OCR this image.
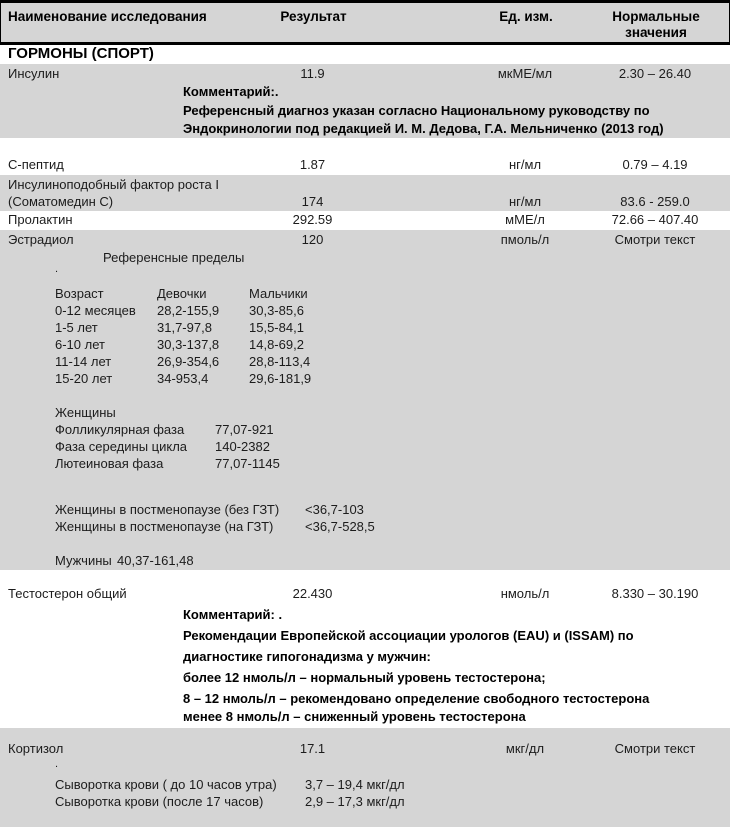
Наименование исследования	Результат	Ед. изм.	Нормальные
значения
ГОРМОНЫ (СПОРТ)
Инсулин	11.9	мкМЕ/мл	2.30 – 26.40
Комментарий:.
Референсный диагноз указан согласно Национальному руководству по
Эндокринологии под редакцией И. М. Дедова, Г.А. Мельниченко (2013 год)
С-пептид	1.87	нг/мл	0.79 – 4.19
Инсулиноподобный фактор роста I
(Соматомедин С)	174	нг/мл	83.6 - 259.0
Пролактин	292.59	мМЕ/л	72.66 – 407.40
Эстрадиол	120	пмоль/л	Смотри текст
Референсные пределы
.
Возраст	Девочки	Мальчики
0-12 месяцев 28,2-155,9 30,3-85,6
1-5 лет	31,7-97,8	15,5-84,1
6-10 лет	30,3-137,8 14,8-69,2
11-14 лет	26,9-354,6 28,8-113,4
15-20 лет	34-953,4	29,6-181,9
Женщины
Фолликулярная фаза 77,07-921
Фаза середины цикла 140-2382
Лютеиновая фаза	77,07-1145
Женщины в постменопаузе (без ГЗТ) <36,7-103
Женщины в постменопаузе (на ГЗТ) <36,7-528,5
Мужчины 40,37-161,48
Тестостерон общий	22.430	нмоль/л	8.330 – 30.190
Комментарий: .
Рекомендации Европейской ассоциации урологов (EAU) и (ISSAM) по
диагностике гипогонадизма у мужчин:
более 12 нмоль/л – нормальный уровень тестостерона;
8 – 12 нмоль/л – рекомендовано определение свободного тестостерона
менее 8 нмоль/л – сниженный уровень тестостерона
Кортизол	17.1	мкг/дл	Смотри текст
.
Сыворотка крови ( до 10 часов утра) 3,7 – 19,4 мкг/дл
Сыворотка крови (после 17 часов)	2,9 – 17,3 мкг/дл
